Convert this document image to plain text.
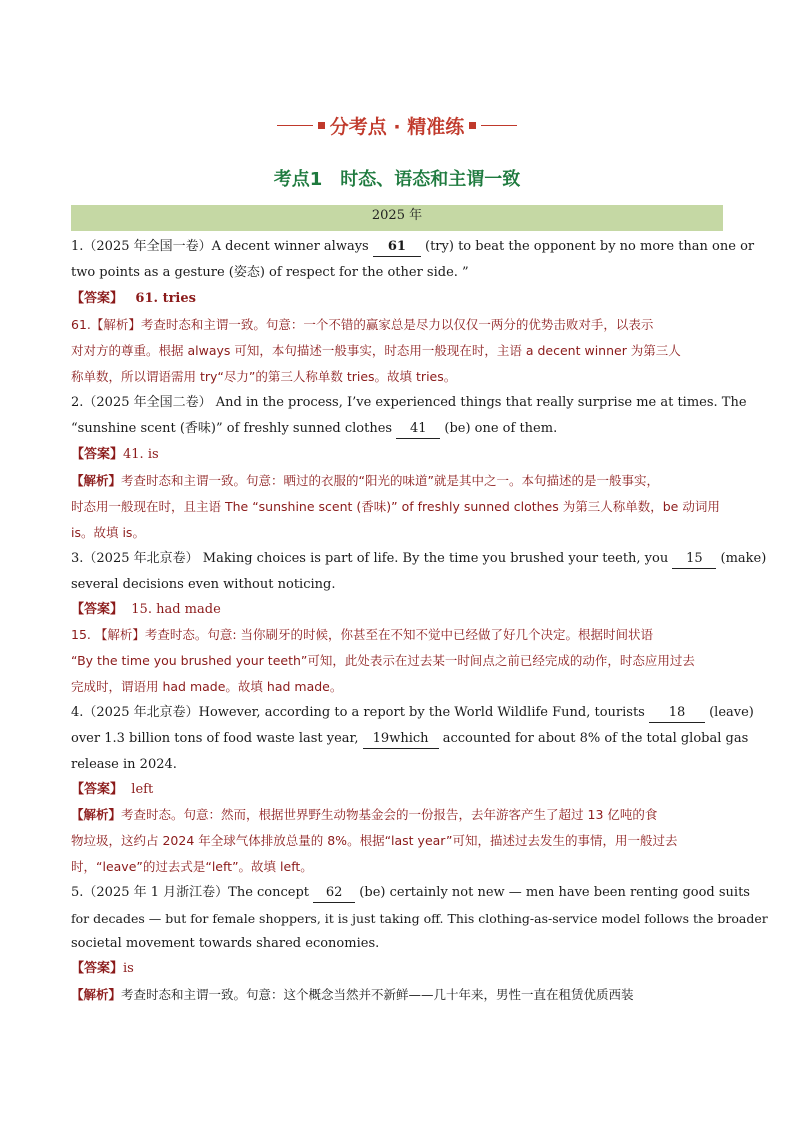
分考点 · 精准练
考点1 时态、语态和主谓一致
2025 年
1.（2025 年全国一卷）A decent winner always 61 (try) to beat the opponent by no more than one or
two points as a gesture (姿态) of respect for the other side. ”
【答案】 61. tries
61.【解析】考查时态和主谓一致。句意：一个不错的赢家总是尽力以仅仅一两分的优势击败对手，以表示
对对方的尊重。根据 always 可知，本句描述一般事实，时态用一般现在时，主语 a decent winner 为第三人
称单数，所以谓语需用 try“尽力”的第三人称单数 tries。故填 tries。
2.（2025 年全国二卷） And in the process, I’ve experienced things that really surprise me at times. The
“sunshine scent (香味)” of freshly sunned clothes 41 (be) one of them.
【答案】41. is
【解析】考查时态和主谓一致。句意：晒过的衣服的“阳光的味道”就是其中之一。本句描述的是一般事实，
时态用一般现在时，且主语 The “sunshine scent (香味)” of freshly sunned clothes 为第三人称单数，be 动词用
is。故填 is。
3.（2025 年北京卷） Making choices is part of life. By the time you brushed your teeth, you 15 (make)
several decisions even without noticing.
【答案】 15. had made
15. 【解析】考查时态。句意: 当你刷牙的时候，你甚至在不知不觉中已经做了好几个决定。根据时间状语
“By the time you brushed your teeth”可知，此处表示在过去某一时间点之前已经完成的动作，时态应用过去
完成时，谓语用 had made。故填 had made。
4.（2025 年北京卷）However, according to a report by the World Wildlife Fund, tourists 18 (leave)
over 1.3 billion tons of food waste last year, 19which accounted for about 8% of the total global gas
release in 2024.
【答案】 left
【解析】考查时态。句意：然而，根据世界野生动物基金会的一份报告，去年游客产生了超过 13 亿吨的食
物垃圾，这约占 2024 年全球气体排放总量的 8%。根据“last year”可知，描述过去发生的事情，用一般过去
时，“leave”的过去式是“left”。故填 left。
5.（2025 年 1 月浙江卷）The concept 62 (be) certainly not new — men have been renting good suits
for decades — but for female shoppers, it is just taking off. This clothing-as-service model follows the broader
societal movement towards shared economies.
【答案】is
【解析】考查时态和主谓一致。句意：这个概念当然并不新鲜——几十年来，男性一直在租赁优质西装
